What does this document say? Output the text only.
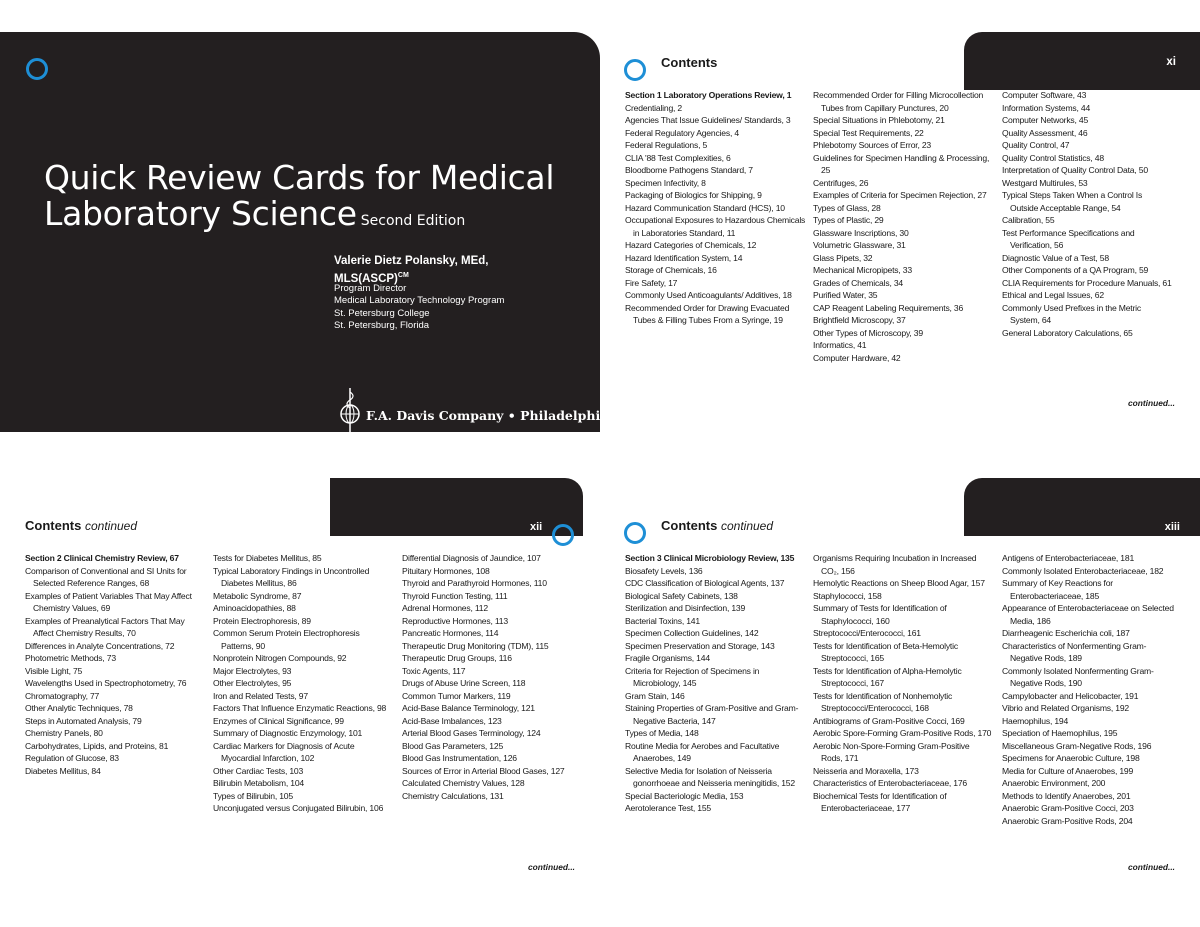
Quick Review Cards for Medical
Laboratory Science Second Edition
Valerie Dietz Polansky, MEd,
MLS(ASCP)$^{CM}$
Program Director
Medical Laboratory Technology Program
St. Petersburg College
St. Petersburg, Florida
F.A. Davis Company • Philadelphia
xi
Contents
Section 1 Laboratory Operations Review, 1
Credentialing, 2
Agencies That Issue Guidelines/ Standards, 3
Federal Regulatory Agencies, 4
Federal Regulations, 5
CLIA '88 Test Complexities, 6
Bloodborne Pathogens Standard, 7
Specimen Infectivity, 8
Packaging of Biologics for Shipping, 9
Hazard Communication Standard (HCS), 10
Occupational Exposures to Hazardous Chemicals in Laboratories Standard, 11
Hazard Categories of Chemicals, 12
Hazard Identification System, 14
Storage of Chemicals, 16
Fire Safety, 17
Commonly Used Anticoagulants/ Additives, 18
Recommended Order for Drawing Evacuated Tubes & Filling Tubes From a Syringe, 19
Recommended Order for Filling Microcollection Tubes from Capillary Punctures, 20
Special Situations in Phlebotomy, 21
Special Test Requirements, 22
Phlebotomy Sources of Error, 23
Guidelines for Specimen Handling & Processing, 25
Centrifuges, 26
Examples of Criteria for Specimen Rejection, 27
Types of Glass, 28
Types of Plastic, 29
Glassware Inscriptions, 30
Volumetric Glassware, 31
Glass Pipets, 32
Mechanical Micropipets, 33
Grades of Chemicals, 34
Purified Water, 35
CAP Reagent Labeling Requirements, 36
Brightfield Microscopy, 37
Other Types of Microscopy, 39
Informatics, 41
Computer Hardware, 42
Computer Software, 43
Information Systems, 44
Computer Networks, 45
Quality Assessment, 46
Quality Control, 47
Quality Control Statistics, 48
Interpretation of Quality Control Data, 50
Westgard Multirules, 53
Typical Steps Taken When a Control Is Outside Acceptable Range, 54
Calibration, 55
Test Performance Specifications and Verification, 56
Diagnostic Value of a Test, 58
Other Components of a QA Program, 59
CLIA Requirements for Procedure Manuals, 61
Ethical and Legal Issues, 62
Commonly Used Prefixes in the Metric System, 64
General Laboratory Calculations, 65
continued...
xii
Contents continued
Section 2 Clinical Chemistry Review, 67
Comparison of Conventional and SI Units for Selected Reference Ranges, 68
Examples of Patient Variables That May Affect Chemistry Values, 69
Examples of Preanalytical Factors That May Affect Chemistry Results, 70
Differences in Analyte Concentrations, 72
Photometric Methods, 73
Visible Light, 75
Wavelengths Used in Spectrophotometry, 76
Chromatography, 77
Other Analytic Techniques, 78
Steps in Automated Analysis, 79
Chemistry Panels, 80
Carbohydrates, Lipids, and Proteins, 81
Regulation of Glucose, 83
Diabetes Mellitus, 84
Tests for Diabetes Mellitus, 85
Typical Laboratory Findings in Uncontrolled Diabetes Mellitus, 86
Metabolic Syndrome, 87
Aminoacidopathies, 88
Protein Electrophoresis, 89
Common Serum Protein Electrophoresis Patterns, 90
Nonprotein Nitrogen Compounds, 92
Major Electrolytes, 93
Other Electrolytes, 95
Iron and Related Tests, 97
Factors That Influence Enzymatic Reactions, 98
Enzymes of Clinical Significance, 99
Summary of Diagnostic Enzymology, 101
Cardiac Markers for Diagnosis of Acute Myocardial Infarction, 102
Other Cardiac Tests, 103
Bilirubin Metabolism, 104
Types of Bilirubin, 105
Unconjugated versus Conjugated Bilirubin, 106
Differential Diagnosis of Jaundice, 107
Pituitary Hormones, 108
Thyroid and Parathyroid Hormones, 110
Thyroid Function Testing, 111
Adrenal Hormones, 112
Reproductive Hormones, 113
Pancreatic Hormones, 114
Therapeutic Drug Monitoring (TDM), 115
Therapeutic Drug Groups, 116
Toxic Agents, 117
Drugs of Abuse Urine Screen, 118
Common Tumor Markers, 119
Acid-Base Balance Terminology, 121
Acid-Base Imbalances, 123
Arterial Blood Gases Terminology, 124
Blood Gas Parameters, 125
Blood Gas Instrumentation, 126
Sources of Error in Arterial Blood Gases, 127
Calculated Chemistry Values, 128
Chemistry Calculations, 131
continued...
xiii
Contents continued
Section 3 Clinical Microbiology Review, 135
Biosafety Levels, 136
CDC Classification of Biological Agents, 137
Biological Safety Cabinets, 138
Sterilization and Disinfection, 139
Bacterial Toxins, 141
Specimen Collection Guidelines, 142
Specimen Preservation and Storage, 143
Fragile Organisms, 144
Criteria for Rejection of Specimens in Microbiology, 145
Gram Stain, 146
Staining Properties of Gram-Positive and Gram-Negative Bacteria, 147
Types of Media, 148
Routine Media for Aerobes and Facultative Anaerobes, 149
Selective Media for Isolation of Neisseria gonorrhoeae and Neisseria meningitidis, 152
Special Bacteriologic Media, 153
Aerotolerance Test, 155
Organisms Requiring Incubation in Increased CO₂, 156
Hemolytic Reactions on Sheep Blood Agar, 157
Staphylococci, 158
Summary of Tests for Identification of Staphylococci, 160
Streptococci/Enterococci, 161
Tests for Identification of Beta-Hemolytic Streptococci, 165
Tests for Identification of Alpha-Hemolytic Streptococci, 167
Tests for Identification of Nonhemolytic Streptococci/Enterococci, 168
Antibiograms of Gram-Positive Cocci, 169
Aerobic Spore-Forming Gram-Positive Rods, 170
Aerobic Non-Spore-Forming Gram-Positive Rods, 171
Neisseria and Moraxella, 173
Characteristics of Enterobacteriaceae, 176
Biochemical Tests for Identification of Enterobacteriaceae, 177
Antigens of Enterobacteriaceae, 181
Commonly Isolated Enterobacteriaceae, 182
Summary of Key Reactions for Enterobacteriaceae, 185
Appearance of Enterobacteriaceae on Selected Media, 186
Diarrheagenic Escherichia coli, 187
Characteristics of Nonfermenting Gram-Negative Rods, 189
Commonly Isolated Nonfermenting Gram-Negative Rods, 190
Campylobacter and Helicobacter, 191
Vibrio and Related Organisms, 192
Haemophilus, 194
Speciation of Haemophilus, 195
Miscellaneous Gram-Negative Rods, 196
Specimens for Anaerobic Culture, 198
Media for Culture of Anaerobes, 199
Anaerobic Environment, 200
Methods to Identify Anaerobes, 201
Anaerobic Gram-Positive Cocci, 203
Anaerobic Gram-Positive Rods, 204
continued...
